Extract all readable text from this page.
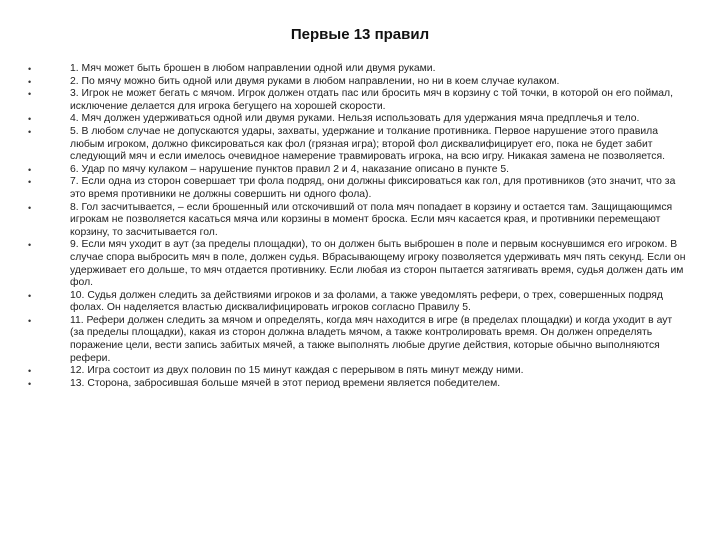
Первые 13 правил
•	1. Мяч может быть брошен в любом направлении одной или двумя руками.
•	2. По мячу можно бить одной или двумя руками в любом направлении, но ни в коем случае кулаком.
•	3. Игрок не может бегать с мячом. Игрок должен отдать пас или бросить мяч в корзину с той точки, в которой он его поймал, исключение делается для игрока бегущего на хорошей скорости.
•	4. Мяч должен удерживаться одной или двумя руками. Нельзя использовать для удержания мяча предплечья и тело.
•	5. В любом случае не допускаются удары, захваты, удержание и толкание противника. Первое нарушение этого правила любым игроком, должно фиксироваться как фол (грязная игра); второй фол дисквалифицирует его, пока не будет забит следующий мяч и если имелось очевидное намерение травмировать игрока, на всю игру. Никакая замена не позволяется.
•	6. Удар по мячу кулаком – нарушение пунктов правил 2 и 4, наказание описано в пункте 5.
•	7. Если одна из сторон совершает три фола подряд, они должны фиксироваться как гол, для противников (это значит, что за это время противники не должны совершить ни одного фола).
•	8. Гол засчитывается, – если брошенный или отскочивший от пола мяч попадает в корзину и остается там. Защищающимся игрокам не позволяется касаться мяча или корзины в момент броска. Если мяч касается края, и противники перемещают корзину, то засчитывается гол.
•	9. Если мяч уходит в аут (за пределы площадки), то он должен быть выброшен в поле и первым коснувшимся его игроком. В случае спора выбросить мяч в поле, должен судья. Вбрасывающему игроку позволяется удерживать мяч пять секунд. Если он удерживает его дольше, то мяч отдается противнику. Если любая из сторон пытается затягивать время, судья должен дать им фол.
•	10. Судья должен следить за действиями игроков и за фолами, а также уведомлять рефери, о трех, совершенных подряд фолах. Он наделяется властью дисквалифицировать игроков согласно Правилу 5.
•	11. Рефери должен следить за мячом и определять, когда мяч находится в игре (в пределах площадки) и когда уходит в аут (за пределы площадки), какая из сторон должна владеть мячом, а также контролировать время. Он должен определять поражение цели, вести запись забитых мячей, а также выполнять любые другие действия, которые обычно выполняются рефери.
•	12. Игра состоит из двух половин по 15 минут каждая с перерывом в пять минут между ними.
•	13. Сторона, забросившая больше мячей в этот период времени является победителем.
